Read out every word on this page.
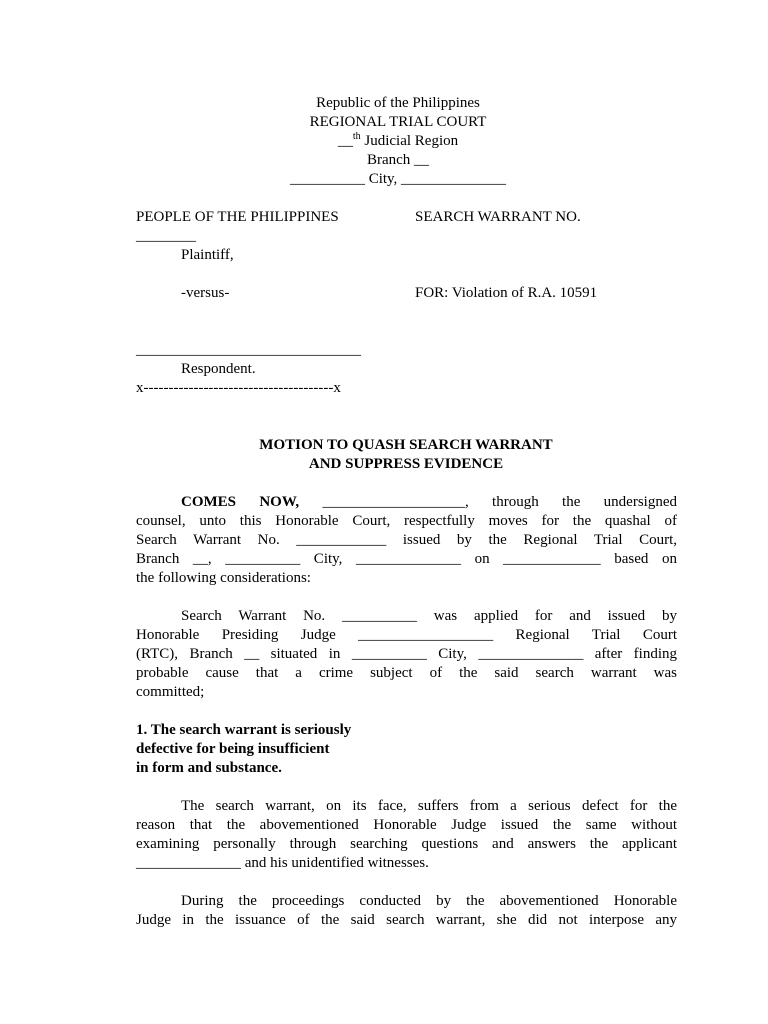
Republic of the Philippines
REGIONAL TRIAL COURT
__$^{th}$ Judicial Region
Branch __
__________ City, ______________
PEOPLE OF THE PHILIPPINES	SEARCH WARRANT NO.
________
Plaintiff,
-versus-	FOR: Violation of R.A. 10591
______________________________
Respondent.
x--------------------------------------x
MOTION TO QUASH SEARCH WARRANT
AND SUPPRESS EVIDENCE
COMES NOW, ___________________, through the undersigned
counsel, unto this Honorable Court, respectfully moves for the quashal of
Search Warrant No. ____________ issued by the Regional Trial Court,
Branch __, __________ City, ______________ on _____________ based on
the following considerations:
Search Warrant No. __________ was applied for and issued by
Honorable Presiding Judge __________________ Regional Trial Court
(RTC), Branch __ situated in __________ City, ______________ after finding
probable cause that a crime subject of the said search warrant was
committed;
1. The search warrant is seriously
defective for being insufficient
in form and substance.
The search warrant, on its face, suffers from a serious defect for the
reason that the abovementioned Honorable Judge issued the same without
examining personally through searching questions and answers the applicant
______________ and his unidentified witnesses.
During the proceedings conducted by the abovementioned Honorable
Judge in the issuance of the said search warrant, she did not interpose any
